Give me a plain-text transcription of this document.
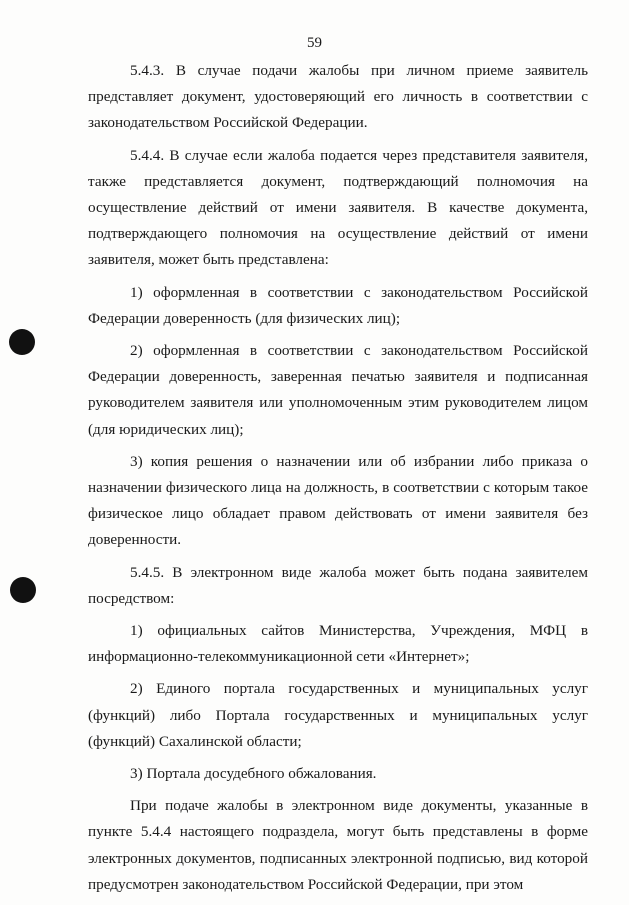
59

5.4.3. В случае подачи жалобы при личном приеме заявитель представляет документ, удостоверяющий его личность в соответствии с законодательством Российской Федерации.

5.4.4. В случае если жалоба подается через представителя заявителя, также представляется документ, подтверждающий полномочия на осуществление действий от имени заявителя. В качестве документа, подтверждающего полномочия на осуществление действий от имени заявителя, может быть представлена:

1) оформленная в соответствии с законодательством Российской Федерации доверенность (для физических лиц);

2) оформленная в соответствии с законодательством Российской Федерации доверенность, заверенная печатью заявителя и подписанная руководителем заявителя или уполномоченным этим руководителем лицом (для юридических лиц);

3) копия решения о назначении или об избрании либо приказа о назначении физического лица на должность, в соответствии с которым такое физическое лицо обладает правом действовать от имени заявителя без доверенности.

5.4.5. В электронном виде жалоба может быть подана заявителем посредством:

1) официальных сайтов Министерства, Учреждения, МФЦ в информационно-телекоммуникационной сети «Интернет»;

2) Единого портала государственных и муниципальных услуг (функций) либо Портала государственных и муниципальных услуг (функций) Сахалинской области;

3) Портала досудебного обжалования.

При подаче жалобы в электронном виде документы, указанные в пункте 5.4.4 настоящего подраздела, могут быть представлены в форме электронных документов, подписанных электронной подписью, вид которой предусмотрен законодательством Российской Федерации, при этом
